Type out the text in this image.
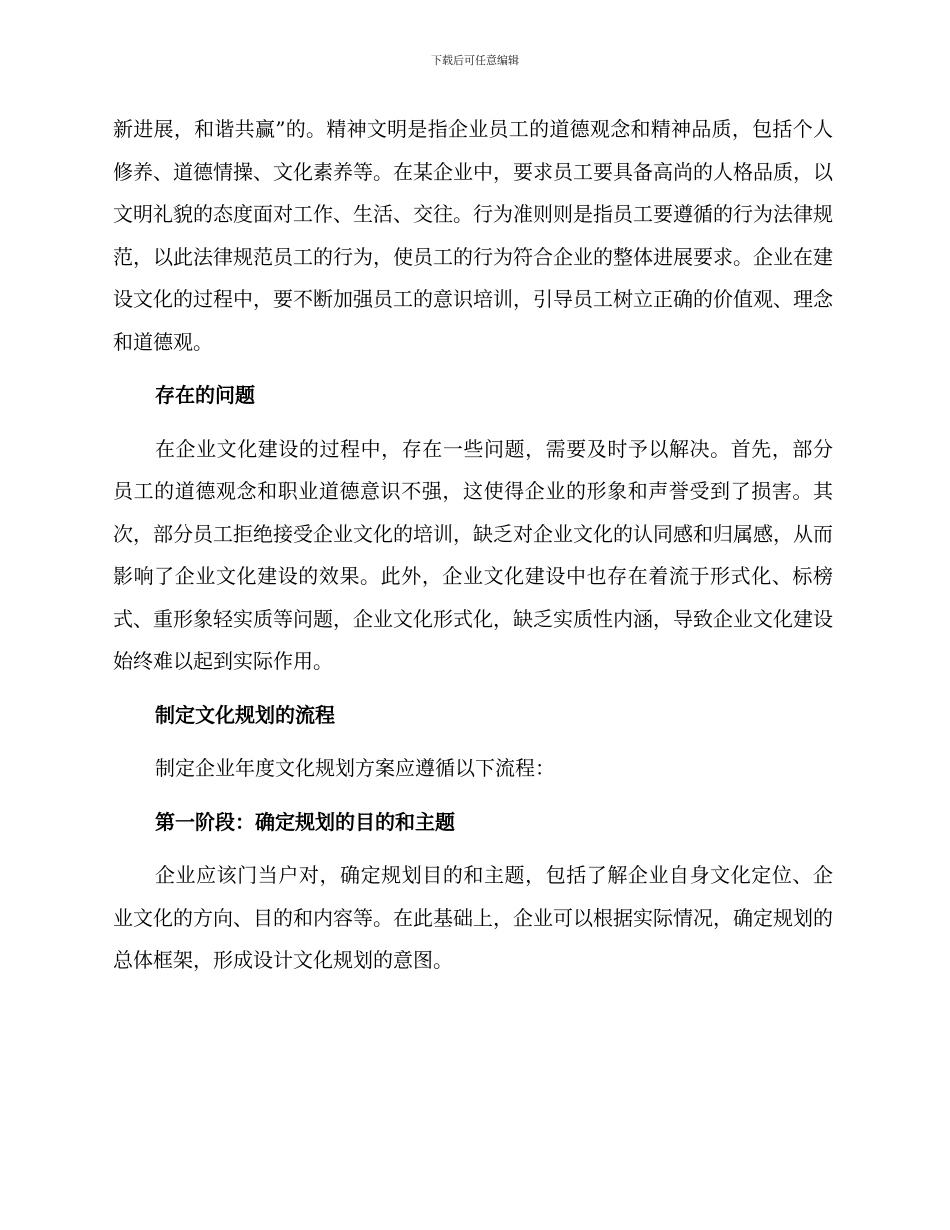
下载后可任意编辑

新进展，和谐共赢”的。精神文明是指企业员工的道德观念和精神品质，包括个人修养、道德情操、文化素养等。在某企业中，要求员工要具备高尚的人格品质，以文明礼貌的态度面对工作、生活、交往。行为准则则是指员工要遵循的行为法律规范，以此法律规范员工的行为，使员工的行为符合企业的整体进展要求。企业在建设文化的过程中，要不断加强员工的意识培训，引导员工树立正确的价值观、理念和道德观。

存在的问题

在企业文化建设的过程中，存在一些问题，需要及时予以解决。首先，部分员工的道德观念和职业道德意识不强，这使得企业的形象和声誉受到了损害。其次，部分员工拒绝接受企业文化的培训，缺乏对企业文化的认同感和归属感，从而影响了企业文化建设的效果。此外，企业文化建设中也存在着流于形式化、标榜式、重形象轻实质等问题，企业文化形式化，缺乏实质性内涵，导致企业文化建设始终难以起到实际作用。

制定文化规划的流程

制定企业年度文化规划方案应遵循以下流程：

第一阶段：确定规划的目的和主题

企业应该门当户对，确定规划目的和主题，包括了解企业自身文化定位、企业文化的方向、目的和内容等。在此基础上，企业可以根据实际情况，确定规划的总体框架，形成设计文化规划的意图。
